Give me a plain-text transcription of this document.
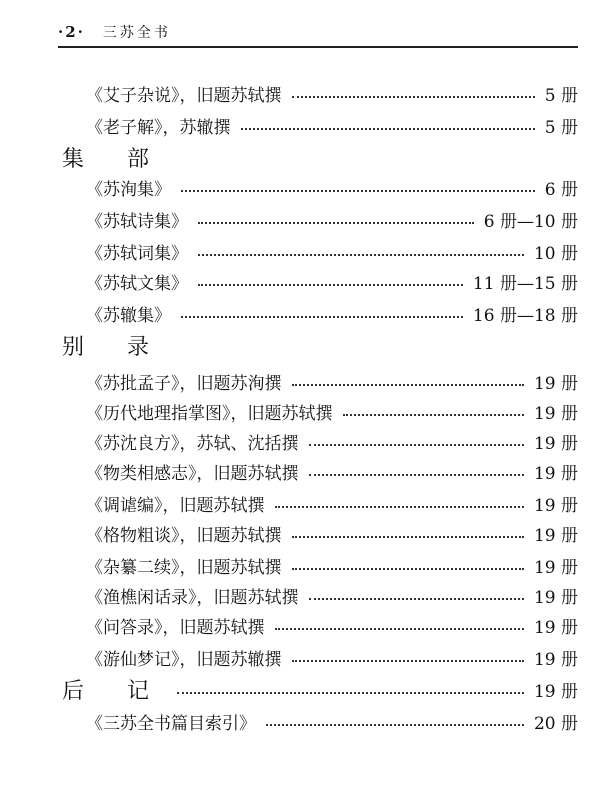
·2· 三苏全书
《艾子杂说》，旧题苏轼撰	5 册
《老子解》，苏辙撰	5 册
集 部
《苏洵集》	6 册
《苏轼诗集》	6 册—10 册
《苏轼词集》	10 册
《苏轼文集》	11 册—15 册
《苏辙集》	16 册—18 册
别 录
《苏批孟子》，旧题苏洵撰	19 册
《历代地理指掌图》，旧题苏轼撰	19 册
《苏沈良方》，苏轼、沈括撰	19 册
《物类相感志》，旧题苏轼撰	19 册
《调谑编》，旧题苏轼撰	19 册
《格物粗谈》，旧题苏轼撰	19 册
《杂纂二续》，旧题苏轼撰	19 册
《渔樵闲话录》，旧题苏轼撰	19 册
《问答录》，旧题苏轼撰	19 册
《游仙梦记》，旧题苏辙撰	19 册
后 记	19 册
《三苏全书篇目索引》	20 册
